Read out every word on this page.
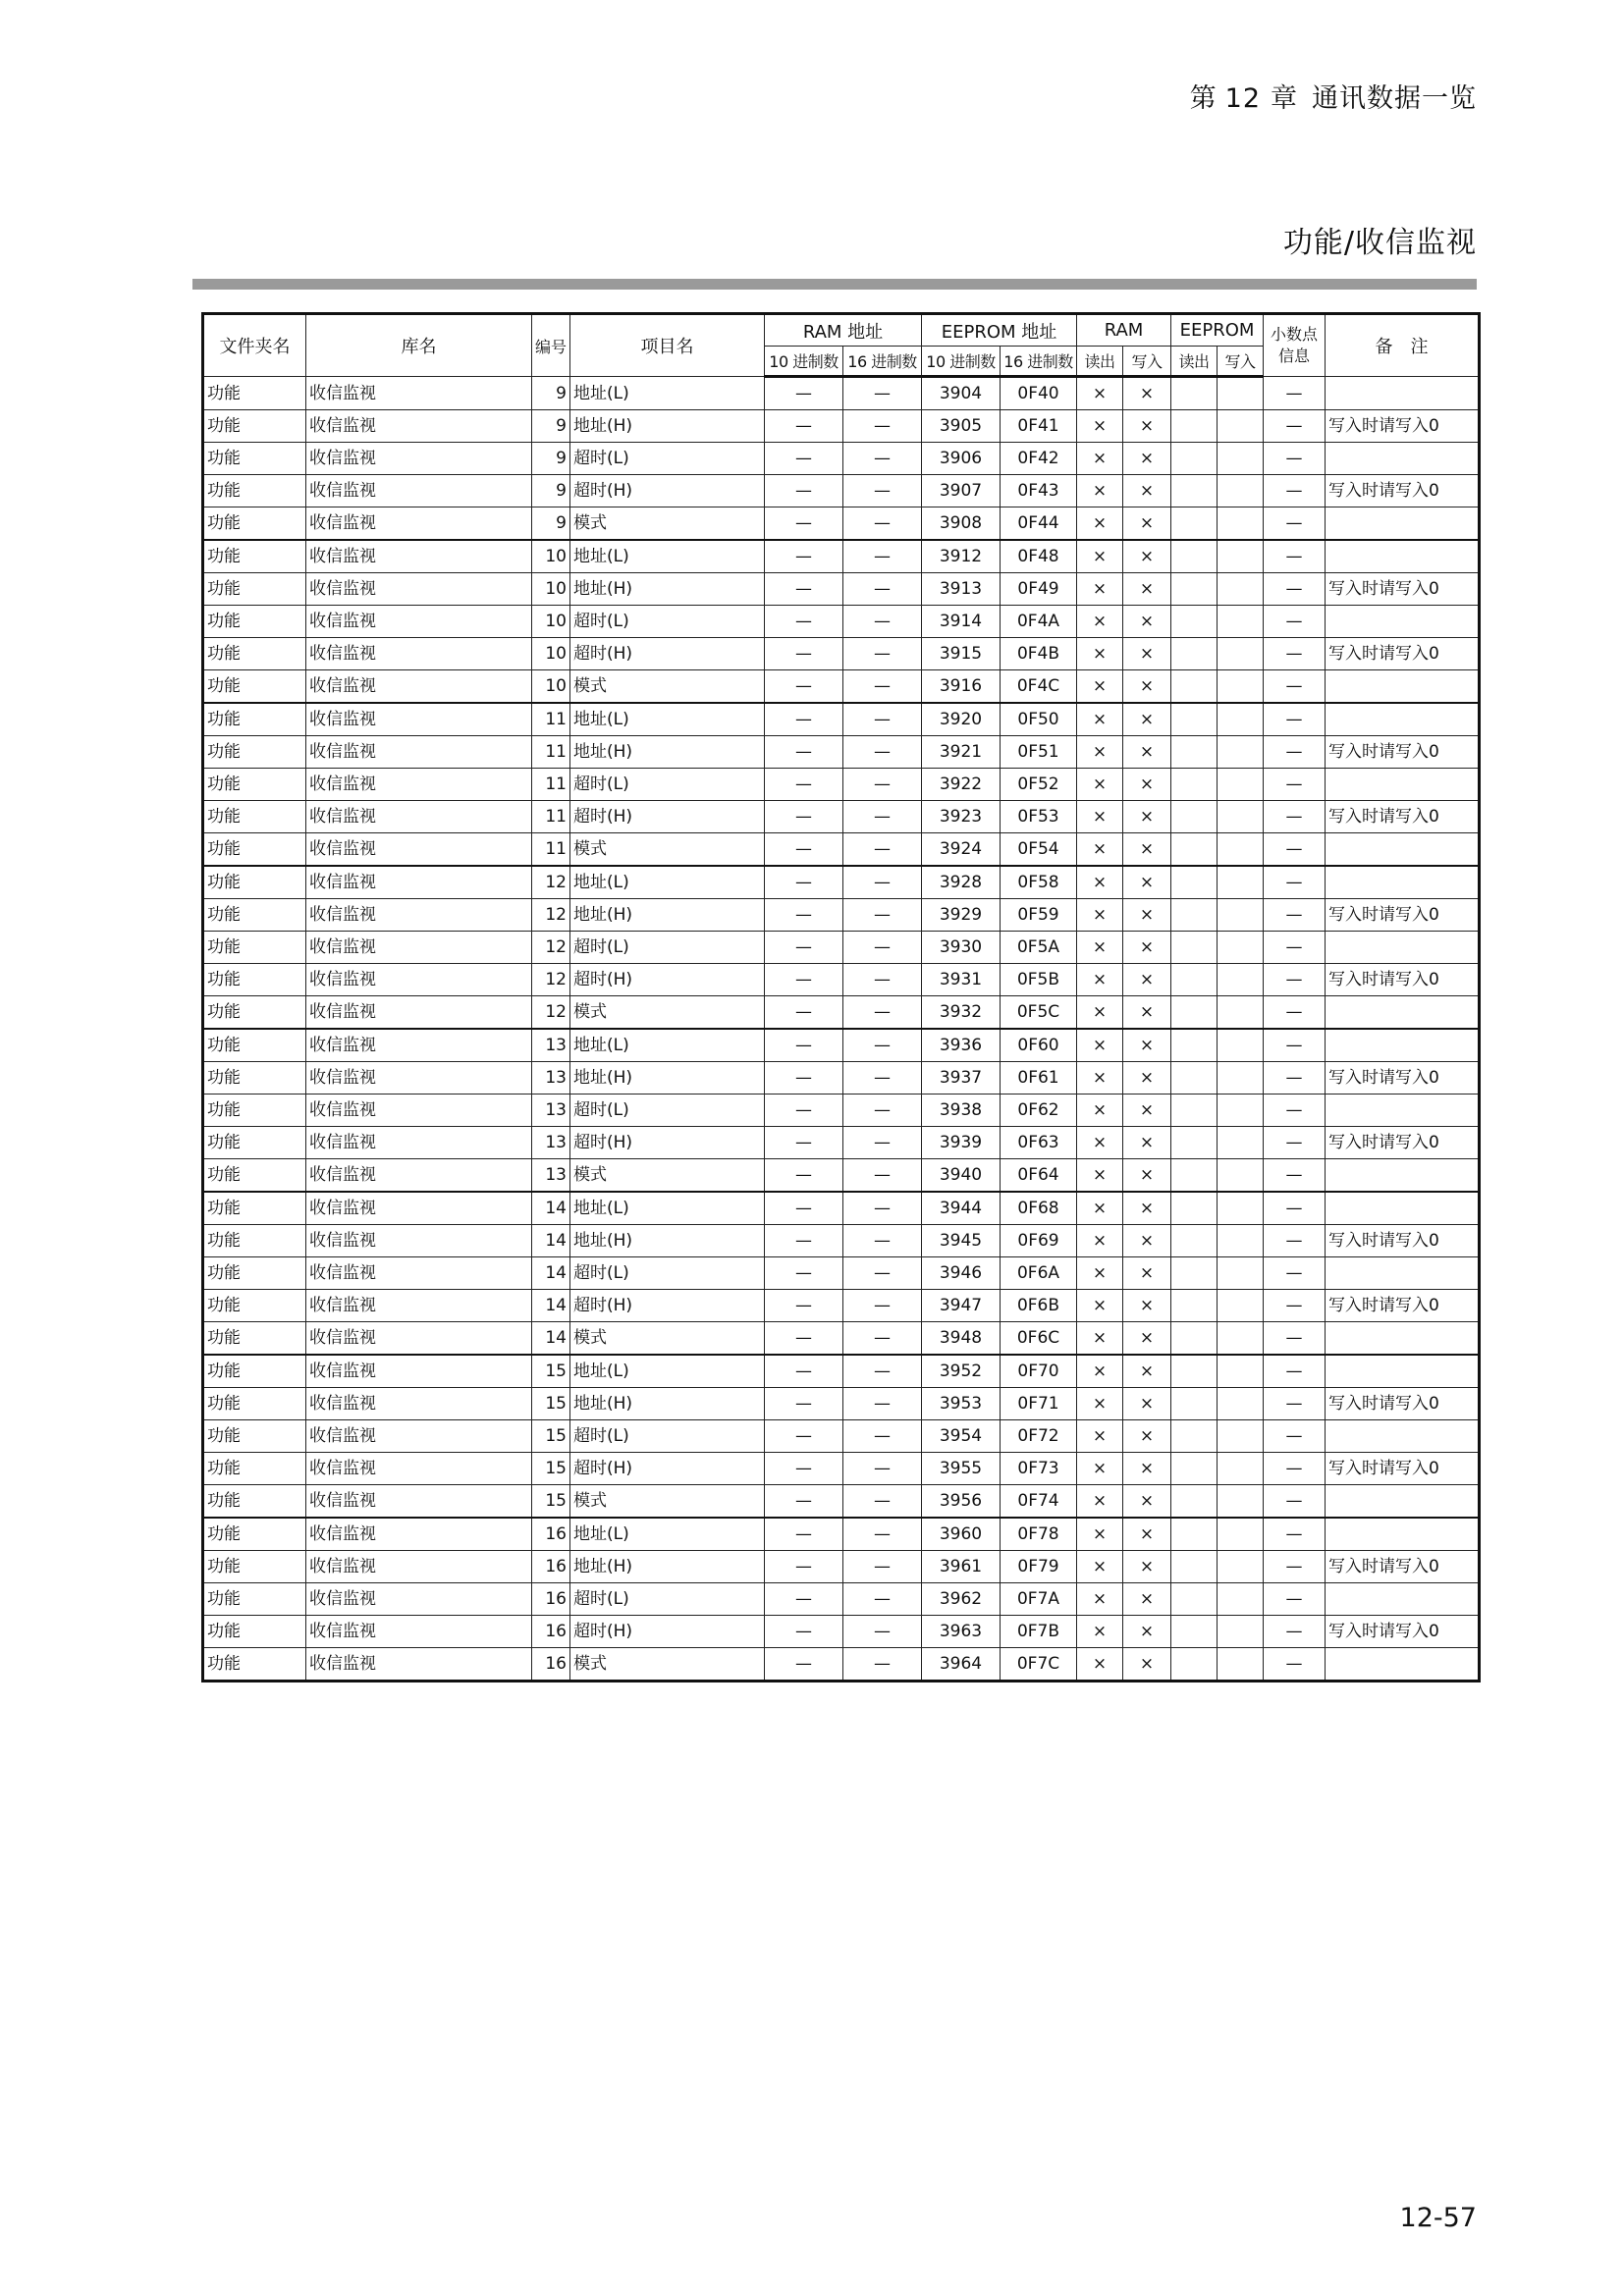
第 12 章 通讯数据一览
功能/收信监视
文件夹名	库名	编号	项目名	RAM 地址		EEPROM 地址		RAM		EEPROM		小数点信息	备　注
				10 进制数	16 进制数	10 进制数	16 进制数	读出	写入	读出	写入		
功能	收信监视	9	地址(L)	—	—	3904	0F40	×	×			—	
功能	收信监视	9	地址(H)	—	—	3905	0F41	×	×			—	写入时请写入0
功能	收信监视	9	超时(L)	—	—	3906	0F42	×	×			—	
功能	收信监视	9	超时(H)	—	—	3907	0F43	×	×			—	写入时请写入0
功能	收信监视	9	模式	—	—	3908	0F44	×	×			—	
功能	收信监视	10	地址(L)	—	—	3912	0F48	×	×			—	
功能	收信监视	10	地址(H)	—	—	3913	0F49	×	×			—	写入时请写入0
功能	收信监视	10	超时(L)	—	—	3914	0F4A	×	×			—	
功能	收信监视	10	超时(H)	—	—	3915	0F4B	×	×			—	写入时请写入0
功能	收信监视	10	模式	—	—	3916	0F4C	×	×			—	
功能	收信监视	11	地址(L)	—	—	3920	0F50	×	×			—	
功能	收信监视	11	地址(H)	—	—	3921	0F51	×	×			—	写入时请写入0
功能	收信监视	11	超时(L)	—	—	3922	0F52	×	×			—	
功能	收信监视	11	超时(H)	—	—	3923	0F53	×	×			—	写入时请写入0
功能	收信监视	11	模式	—	—	3924	0F54	×	×			—	
功能	收信监视	12	地址(L)	—	—	3928	0F58	×	×			—	
功能	收信监视	12	地址(H)	—	—	3929	0F59	×	×			—	写入时请写入0
功能	收信监视	12	超时(L)	—	—	3930	0F5A	×	×			—	
功能	收信监视	12	超时(H)	—	—	3931	0F5B	×	×			—	写入时请写入0
功能	收信监视	12	模式	—	—	3932	0F5C	×	×			—	
功能	收信监视	13	地址(L)	—	—	3936	0F60	×	×			—	
功能	收信监视	13	地址(H)	—	—	3937	0F61	×	×			—	写入时请写入0
功能	收信监视	13	超时(L)	—	—	3938	0F62	×	×			—	
功能	收信监视	13	超时(H)	—	—	3939	0F63	×	×			—	写入时请写入0
功能	收信监视	13	模式	—	—	3940	0F64	×	×			—	
功能	收信监视	14	地址(L)	—	—	3944	0F68	×	×			—	
功能	收信监视	14	地址(H)	—	—	3945	0F69	×	×			—	写入时请写入0
功能	收信监视	14	超时(L)	—	—	3946	0F6A	×	×			—	
功能	收信监视	14	超时(H)	—	—	3947	0F6B	×	×			—	写入时请写入0
功能	收信监视	14	模式	—	—	3948	0F6C	×	×			—	
功能	收信监视	15	地址(L)	—	—	3952	0F70	×	×			—	
功能	收信监视	15	地址(H)	—	—	3953	0F71	×	×			—	写入时请写入0
功能	收信监视	15	超时(L)	—	—	3954	0F72	×	×			—	
功能	收信监视	15	超时(H)	—	—	3955	0F73	×	×			—	写入时请写入0
功能	收信监视	15	模式	—	—	3956	0F74	×	×			—	
功能	收信监视	16	地址(L)	—	—	3960	0F78	×	×			—	
功能	收信监视	16	地址(H)	—	—	3961	0F79	×	×			—	写入时请写入0
功能	收信监视	16	超时(L)	—	—	3962	0F7A	×	×			—	
功能	收信监视	16	超时(H)	—	—	3963	0F7B	×	×			—	写入时请写入0
功能	收信监视	16	模式	—	—	3964	0F7C	×	×			—	
12-57
